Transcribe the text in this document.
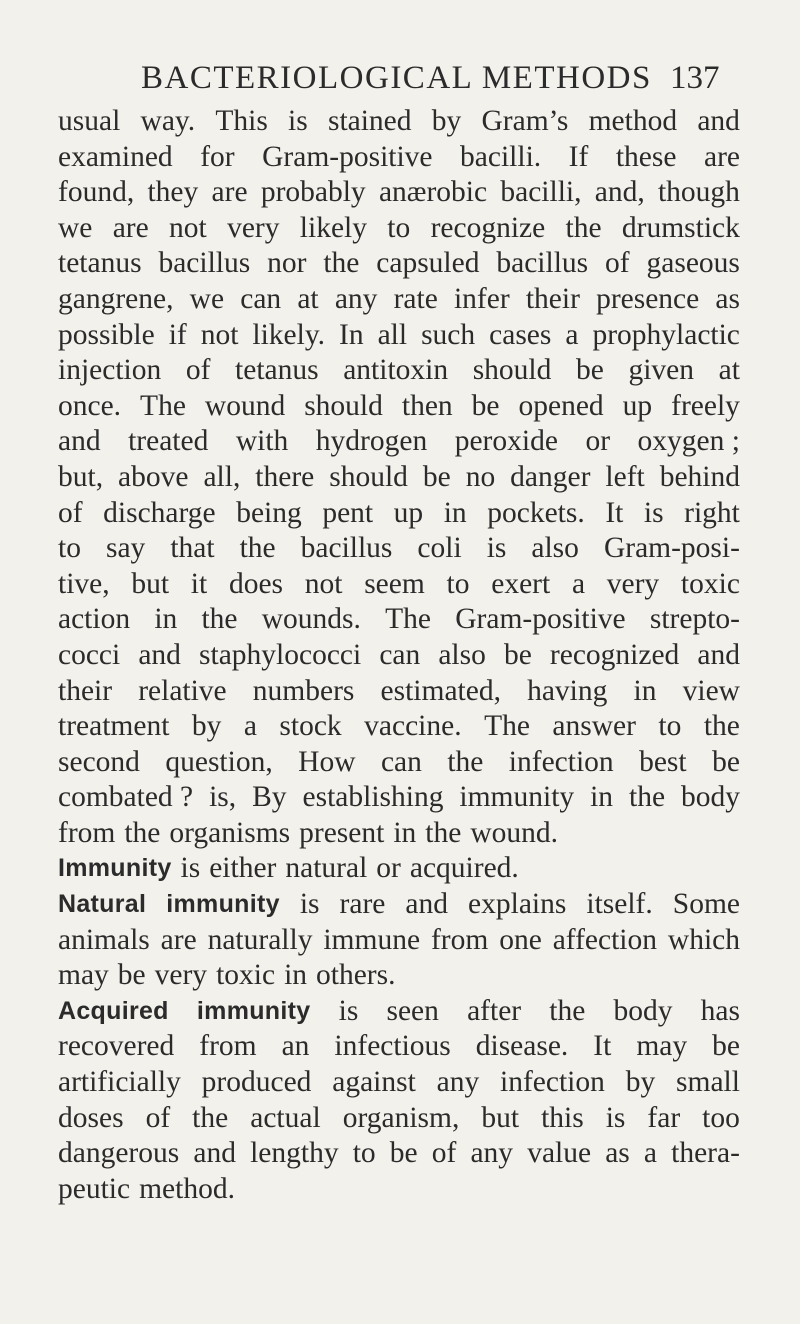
BACTERIOLOGICAL METHODS 137
usual way. This is stained by Gram’s method and
examined for Gram-positive bacilli. If these are
found, they are probably anærobic bacilli, and, though
we are not very likely to recognize the drumstick
tetanus bacillus nor the capsuled bacillus of gaseous
gangrene, we can at any rate infer their presence as
possible if not likely. In all such cases a prophylactic
injection of tetanus antitoxin should be given at
once. The wound should then be opened up freely
and treated with hydrogen peroxide or oxygen ;
but, above all, there should be no danger left behind
of discharge being pent up in pockets. It is right
to say that the bacillus coli is also Gram-posi-
tive, but it does not seem to exert a very toxic
action in the wounds. The Gram-positive strepto-
cocci and staphylococci can also be recognized and
their relative numbers estimated, having in view
treatment by a stock vaccine. The answer to the
second question, How can the infection best be
combated ? is, By establishing immunity in the body
from the organisms present in the wound.
Immunity is either natural or acquired.
Natural immunity is rare and explains itself. Some
animals are naturally immune from one affection which
may be very toxic in others.
Acquired immunity is seen after the body has
recovered from an infectious disease. It may be
artificially produced against any infection by small
doses of the actual organism, but this is far too
dangerous and lengthy to be of any value as a thera-
peutic method.
